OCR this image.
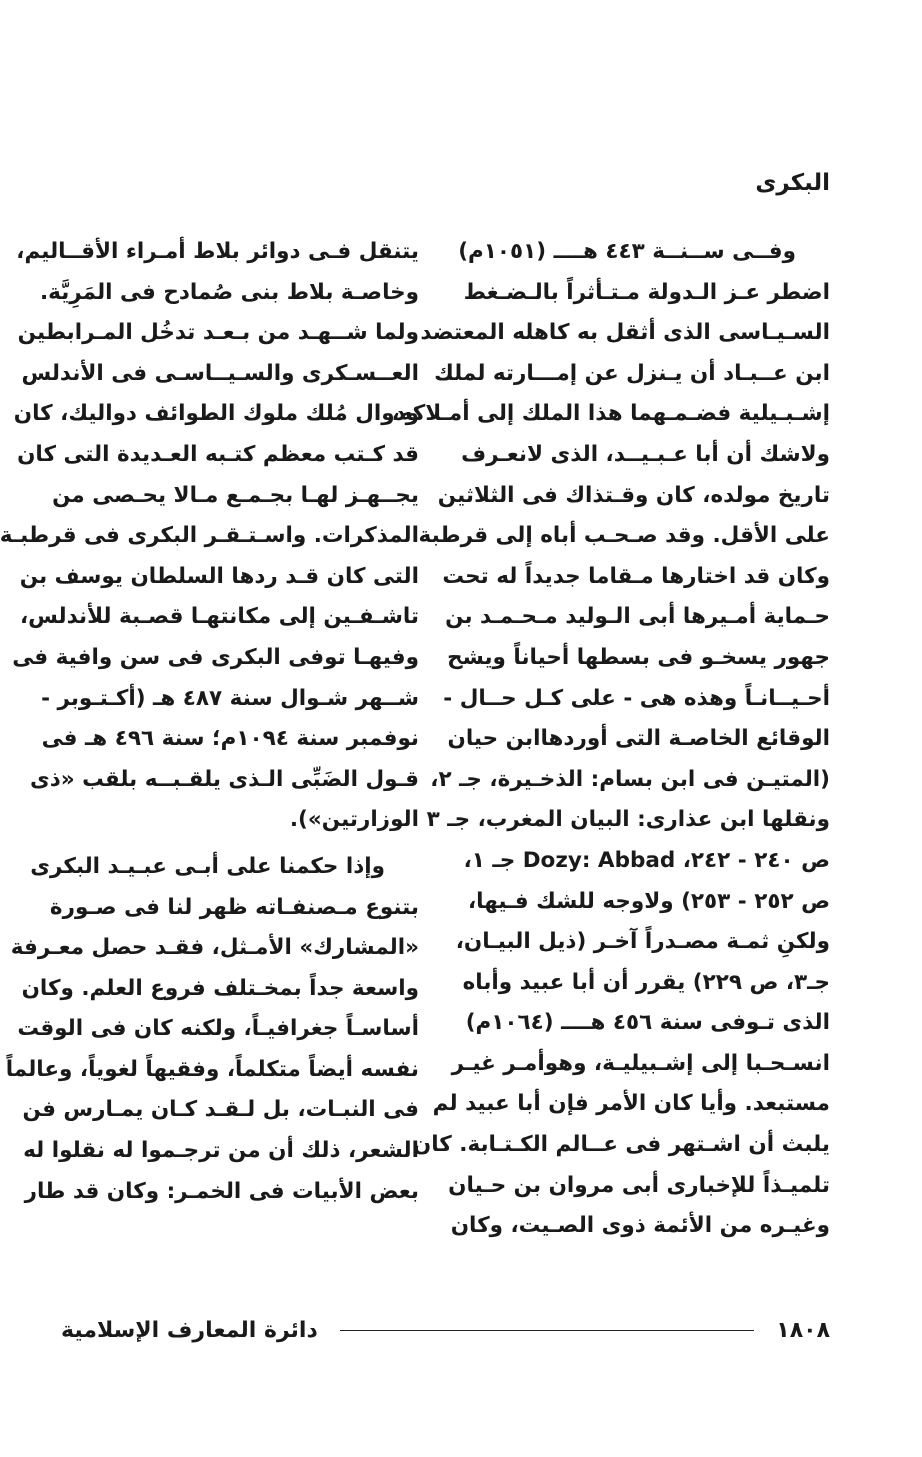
البكرى
وفــى ســنــة ٤٤٣ هــــ (١٠٥١م)
اضطر عـز الـدولة مـتـأثراً بالـضـغط
السـيـاسى الذى أثقل به كاهله المعتضد
ابن عــبـاد أن يـنزل عن إمـــارته لملك
إشـبـيلية فضـمـهما هذا الملك إلى أمـلاكه،
ولاشك أن أبا عـبـيــد، الذى لانعـرف
تاريخ مولده، كان وقـتذاك فى الثلاثين
على الأقل. وقد صـحـب أباه إلى قرطبة
وكان قد اختارها مـقاما جديداً له تحت
حـماية أمـيرها أبى الـوليد مـحـمـد بن
جهور يسخـو فى بسطها أحياناً ويشح
أحـيــانـاً وهذه هى - على كـل حــال -
الوقائع الخاصـة التى أوردهاابن حيان
(المتيـن فى ابن بسام: الذخـيرة، جـ ٢،
ونقلها ابن عذارى: البيان المغرب، جـ ٣
ص ٢٤٠ - ٢٤٢، Dozy: Abbad جـ ١،
ص ٢٥٢ - ٢٥٣) ولاوجه للشك فـيها،
ولكنِ ثمـة مصـدراً آخـر (ذيل البيـان،
جـ٣، ص ٢٢٩) يقرر أن أبا عبيد وأباه
الذى تـوفى سنة ٤٥٦ هــــ (١٠٦٤م)
انسـحـبا إلى إشـبيليـة، وهوأمـر غيـر
مستبعد. وأيا كان الأمر فإن أبا عبيد لم
يلبث أن اشـتهر فى عــالم الكـتـابة. كان
تلميـذاً للإخبارى أبى مروان بن حـيان
وغيـره من الأئمة ذوى الصـيت، وكان
يتنقل فـى دوائر بلاط أمـراء الأقــاليم،
وخاصـة بلاط بنى صُمادح فى المَرِيَّة.
ولما شــهـد من بـعـد تدخُل المـرابطين
العــسـكرى والسـيــاسـى فى الأندلس
ودوال مُلك ملوك الطوائف دواليك، كان
قد كـتب معظم كتـبه العـديدة التى كان
يجــهـز لهـا بجـمـع مـالا يحـصى من
المذكرات. واسـتـقـر البكرى فى قرطبـة
التى كان قـد ردها السلطان يوسف بن
تاشـفـين إلى مكانتهـا قصـبة للأندلس،
وفيهـا توفى البكرى فى سن وافية فى
شــهر شـوال سنة ٤٨٧ هـ (أكـتـوبر -
نوفمبر سنة ١٠٩٤م؛ سنة ٤٩٦ هـ فى
قـول الضَبِّى الـذى يلقـبــه بلقب «ذى
الوزارتين»).
وإذا حكمنا على أبـى عبـيـد البكرى
بتنوع مـصنفـاته ظهر لنا فى صـورة
«المشارك» الأمـثل، فقـد حصل معـرفة
واسعة جداً بمخـتلف فروع العلم. وكان
أساسـاً جغرافيـاً، ولكنه كان فى الوقت
نفسه أيضاً متكلماً، وفقيهاً لغوياً، وعالماً
فى النبـات، بل لـقـد كـان يمـارس فن
الشعر، ذلك أن من ترجـموا له نقلوا له
بعض الأبيات فى الخمـر: وكان قد طار
١٨٠٨
دائرة المعارف الإسلامية
